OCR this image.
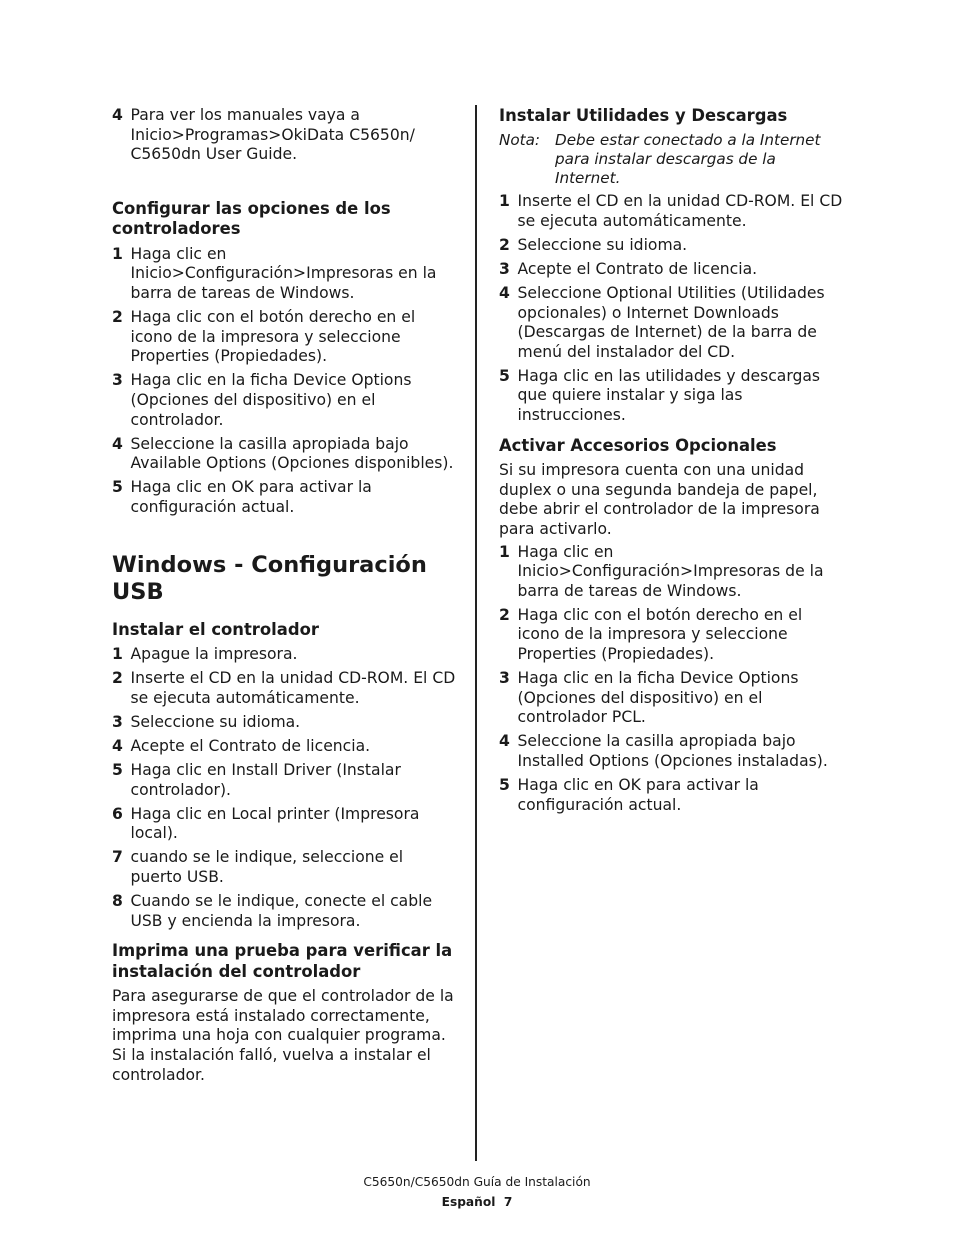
4 Para ver los manuales vaya a Inicio>Programas>OkiData C5650n/ C5650dn User Guide.
Configurar las opciones de los controladores
1 Haga clic en Inicio>Configuración>Impresoras en la barra de tareas de Windows.
2 Haga clic con el botón derecho en el icono de la impresora y seleccione Properties (Propiedades).
3 Haga clic en la ficha Device Options (Opciones del dispositivo) en el controlador.
4 Seleccione la casilla apropiada bajo Available Options (Opciones disponibles).
5 Haga clic en OK para activar la configuración actual.
Windows - Configuración USB
Instalar el controlador
1 Apague la impresora.
2 Inserte el CD en la unidad CD-ROM. El CD se ejecuta automáticamente.
3 Seleccione su idioma.
4 Acepte el Contrato de licencia.
5 Haga clic en Install Driver (Instalar controlador).
6 Haga clic en Local printer (Impresora local).
7 cuando se le indique, seleccione el puerto USB.
8 Cuando se le indique, conecte el cable USB y encienda la impresora.
Imprima una prueba para verificar la instalación del controlador

Para asegurarse de que el controlador de la impresora está instalado correctamente, imprima una hoja con cualquier programa. Si la instalación falló, vuelva a instalar el controlador.

Instalar Utilidades y Descargas
Nota: Debe estar conectado a la Internet para instalar descargas de la Internet.
1 Inserte el CD en la unidad CD-ROM. El CD se ejecuta automáticamente.
2 Seleccione su idioma.
3 Acepte el Contrato de licencia.
4 Seleccione Optional Utilities (Utilidades opcionales) o Internet Downloads (Descargas de Internet) de la barra de menú del instalador del CD.
5 Haga clic en las utilidades y descargas que quiere instalar y siga las instrucciones.
Activar Accesorios Opcionales

Si su impresora cuenta con una unidad duplex o una segunda bandeja de papel, debe abrir el controlador de la impresora para activarlo.

1 Haga clic en Inicio>Configuración>Impresoras de la barra de tareas de Windows.
2 Haga clic con el botón derecho en el icono de la impresora y seleccione Properties (Propiedades).
3 Haga clic en la ficha Device Options (Opciones del dispositivo) en el controlador PCL.
4 Seleccione la casilla apropiada bajo Installed Options (Opciones instaladas).
5 Haga clic en OK para activar la configuración actual.
C5650n/C5650dn Guía de Instalación
Español  7
